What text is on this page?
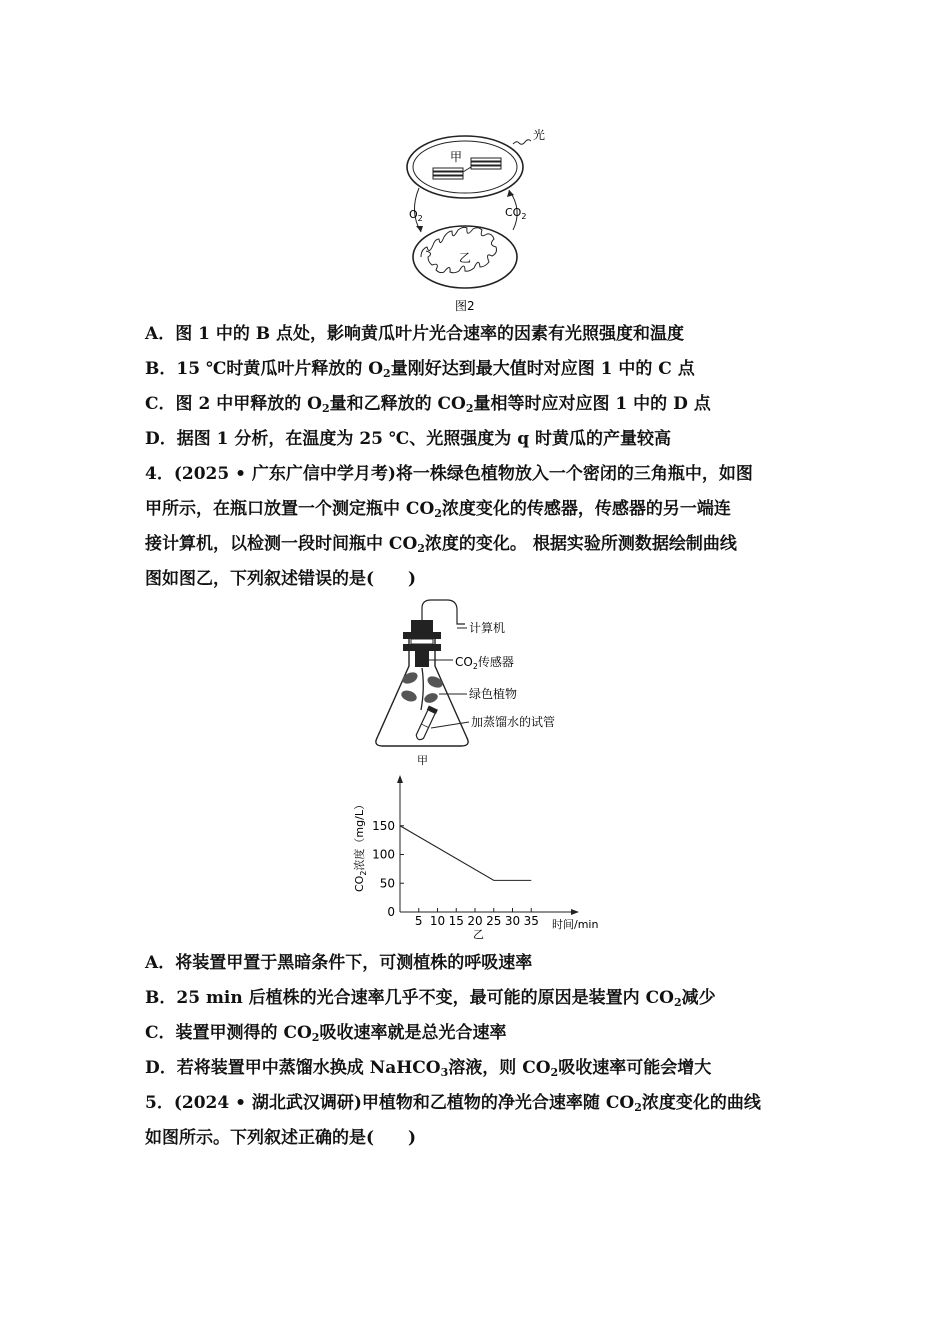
甲
光
$O_2$	$CO_2$
乙
图2
A．图 1 中的 B 点处，影响黄瓜叶片光合速率的因素有光照强度和温度
B．15 ℃时黄瓜叶片释放的 $O_2$量刚好达到最大值时对应图 1 中的 C 点
C．图 2 中甲释放的 $O_2$量和乙释放的 $CO_2$量相等时应对应图 1 中的 D 点
D．据图 1 分析，在温度为 25 ℃、光照强度为 q 时黄瓜的产量较高
4．(2025 • 广东广信中学月考)将一株绿色植物放入一个密闭的三角瓶中，如图
甲所示，在瓶口放置一个测定瓶中 $CO_2$浓度变化的传感器，传感器的另一端连
接计算机，以检测一段时间瓶中 $CO_2$浓度的变化。 根据实验所测数据绘制曲线
图如图乙，下列叙述错误的是(　　)
计算机
$CO_2$传感器
绿色植物
加蒸馏水的试管
甲
$CO_2$浓度（mg/L）
时间/min
乙
0
50
100
150
5 10 15 20 25 30 35
A．将装置甲置于黑暗条件下，可测植株的呼吸速率
B．25 min 后植株的光合速率几乎不变，最可能的原因是装置内 $CO_2$减少
C．装置甲测得的 $CO_2$吸收速率就是总光合速率
D．若将装置甲中蒸馏水换成 NaHCO$_3$溶液，则 $CO_2$吸收速率可能会增大
5．(2024 • 湖北武汉调研)甲植物和乙植物的净光合速率随 $CO_2$浓度变化的曲线
如图所示。下列叙述正确的是(　　)
